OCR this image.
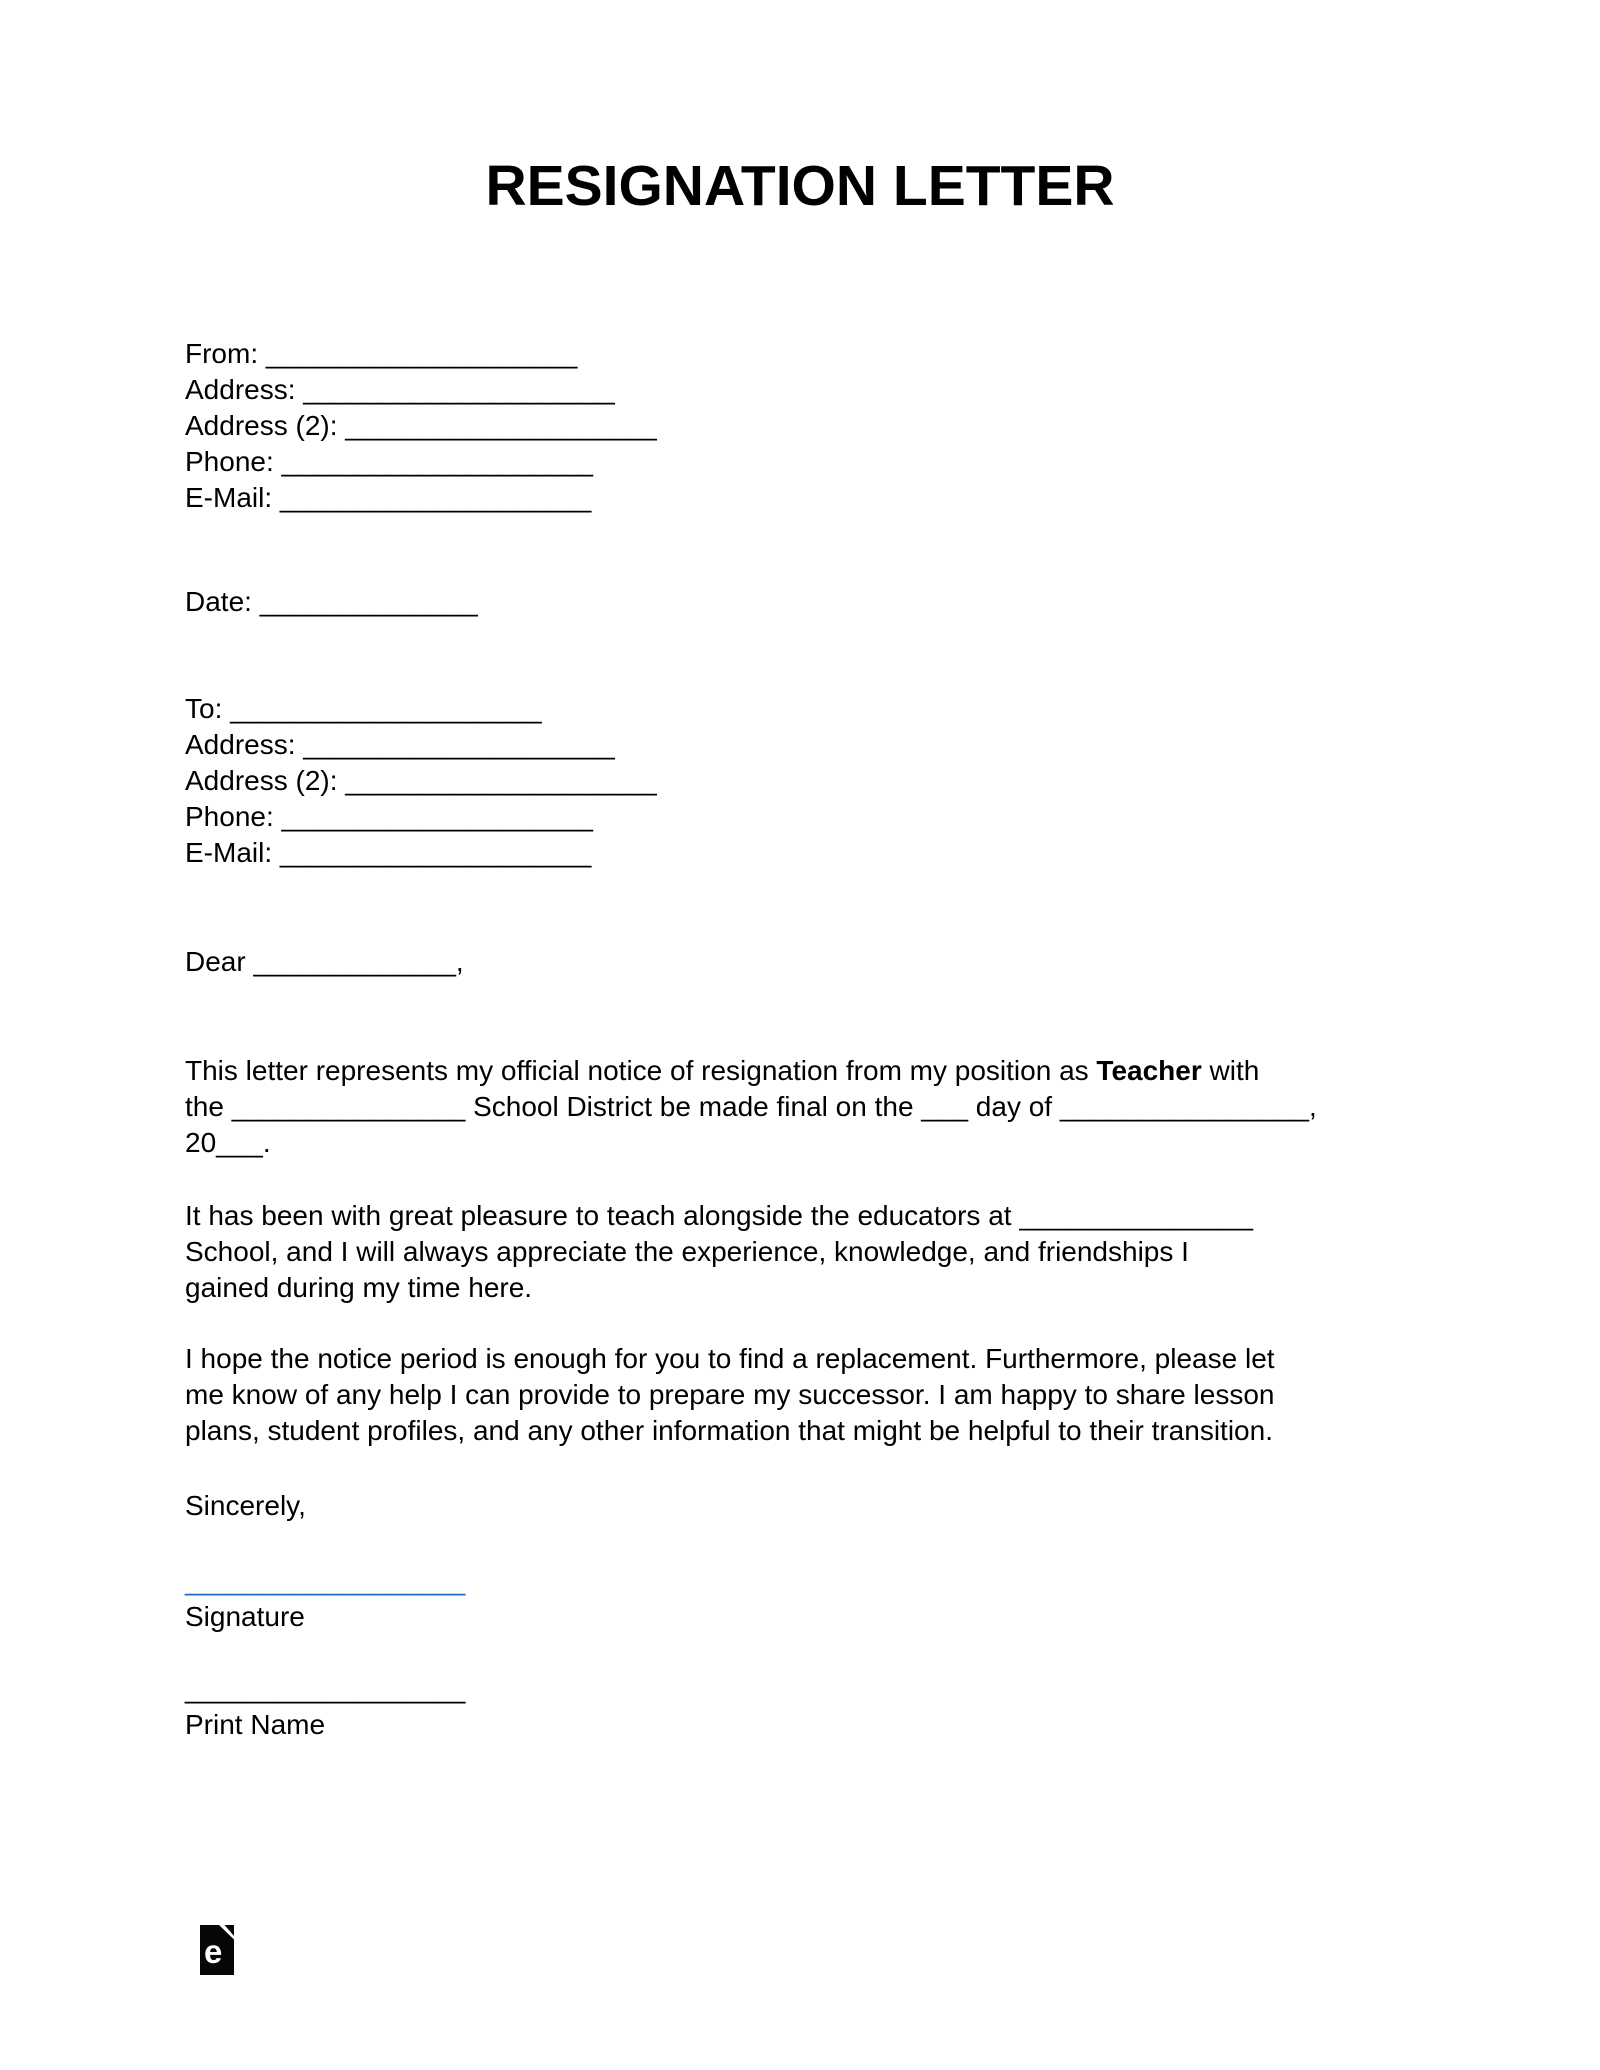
RESIGNATION LETTER
From: ____________________
Address: ____________________
Address (2): ____________________
Phone: ____________________
E-Mail: ____________________
Date: ______________
To: ____________________
Address: ____________________
Address (2): ____________________
Phone: ____________________
E-Mail: ____________________
Dear _____________,
This letter represents my official notice of resignation from my position as Teacher with
the _______________ School District be made final on the ___ day of ________________,
20___.
It has been with great pleasure to teach alongside the educators at _______________
School, and I will always appreciate the experience, knowledge, and friendships I
gained during my time here.
I hope the notice period is enough for you to find a replacement. Furthermore, please let
me know of any help I can provide to prepare my successor. I am happy to share lesson
plans, student profiles, and any other information that might be helpful to their transition.
Sincerely,
__________________
Signature
__________________
Print Name
e
